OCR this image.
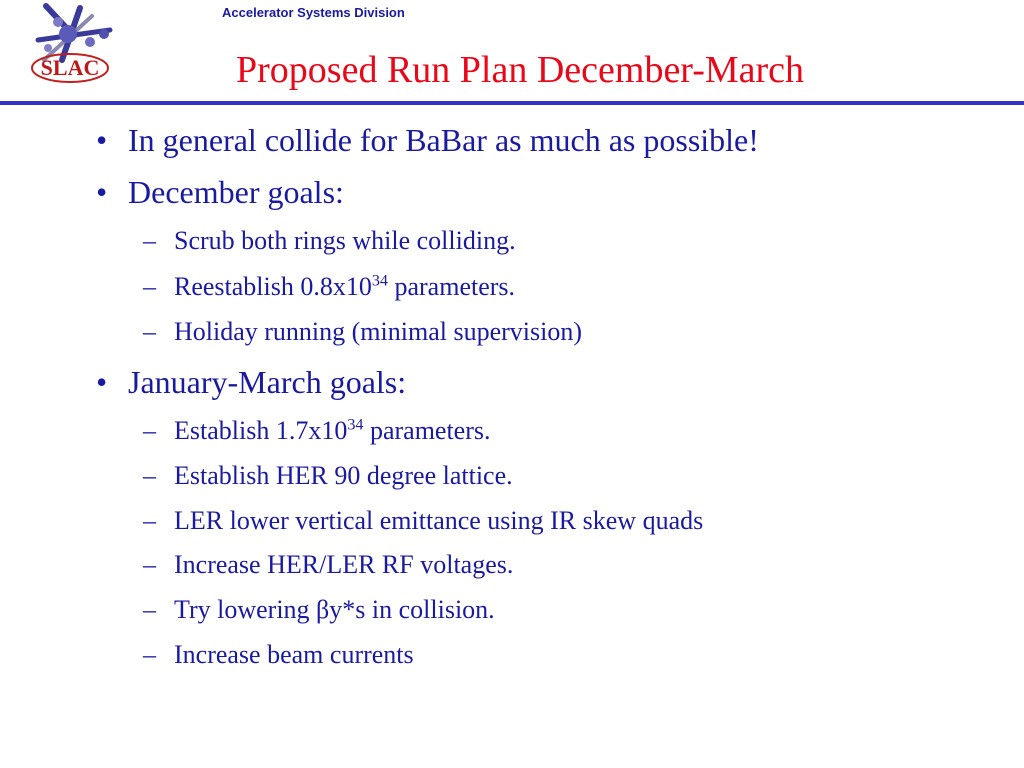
SLAC
Accelerator Systems Division
Proposed Run Plan December-March
• In general collide for BaBar as much as possible!
• December goals:
– Scrub both rings while colliding.
– Reestablish $0.8x10^{34}$ parameters.
– Holiday running (minimal supervision)
• January-March goals:
– Establish $1.7x10^{34}$ parameters.
– Establish HER 90 degree lattice.
– LER lower vertical emittance using IR skew quads
– Increase HER/LER RF voltages.
– Try lowering βy*s in collision.
– Increase beam currents
